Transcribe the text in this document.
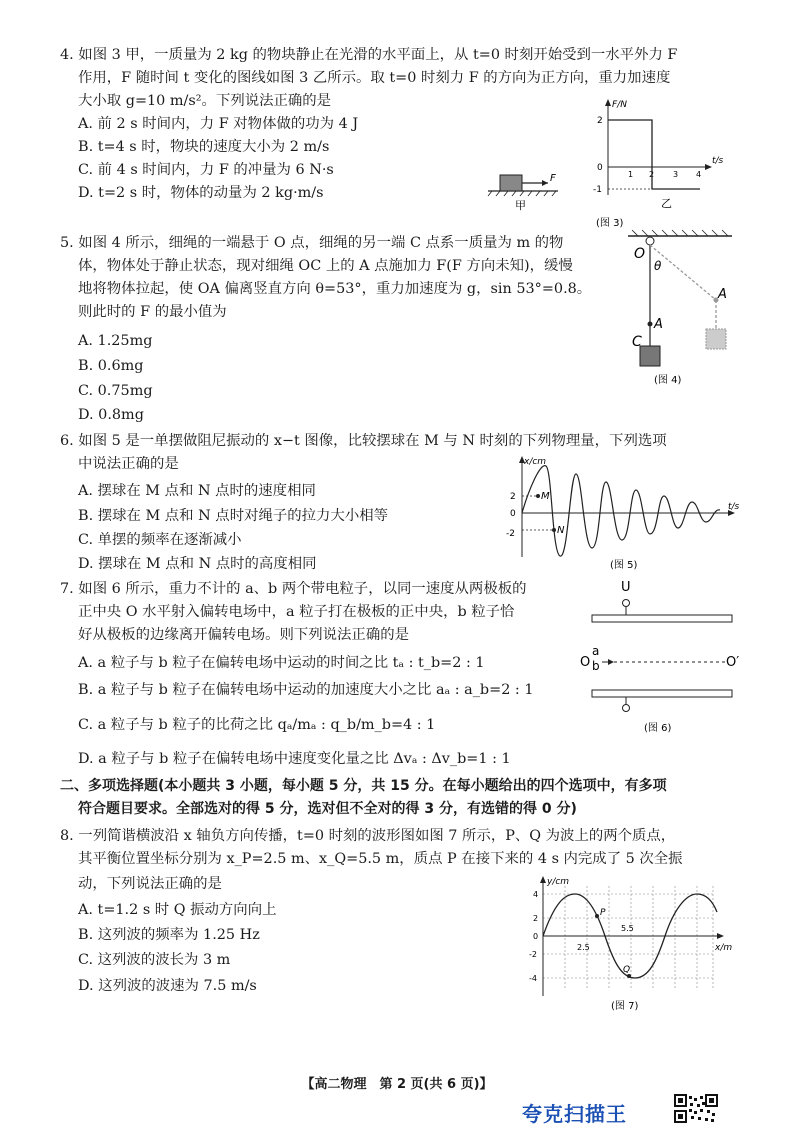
4. 如图 3 甲，一质量为 2 kg 的物块静止在光滑的水平面上，从 t=0 时刻开始受到一水平外力 F
作用，F 随时间 t 变化的图线如图 3 乙所示。取 t=0 时刻力 F 的方向为正方向，重力加速度
大小取 g=10 m/s²。下列说法正确的是
A. 前 2 s 时间内，力 F 对物体做的功为 4 J
B. t=4 s 时，物块的速度大小为 2 m/s
C. 前 4 s 时间内，力 F 的冲量为 6 N·s
D. t=2 s 时，物体的动量为 2 kg·m/s
F
甲
F/N
t/s
2
0
-1
1 2 3 4
乙
(图 3)
5. 如图 4 所示，细绳的一端悬于 O 点，细绳的另一端 C 点系一质量为 m 的物
体，物体处于静止状态，现对细绳 OC 上的 A 点施加力 F(F 方向未知)，缓慢
地将物体拉起，使 OA 偏离竖直方向 θ=53°，重力加速度为 g，sin 53°=0.8。
则此时的 F 的最小值为
A. 1.25mg
B. 0.6mg
C. 0.75mg
D. 0.8mg
O
θ
A
C
A
(图 4)
6. 如图 5 是一单摆做阻尼振动的 x−t 图像，比较摆球在 M 与 N 时刻的下列物理量，下列选项
中说法正确的是
A. 摆球在 M 点和 N 点时的速度相同
B. 摆球在 M 点和 N 点时对绳子的拉力大小相等
C. 单摆的频率在逐渐减小
D. 摆球在 M 点和 N 点时的高度相同
x/cm
t/s
2
0
-2
M
N
(图 5)
7. 如图 6 所示，重力不计的 a、b 两个带电粒子，以同一速度从两极板的
正中央 O 水平射入偏转电场中，a 粒子打在极板的正中央，b 粒子恰
好从极板的边缘离开偏转电场。则下列说法正确的是
A. a 粒子与 b 粒子在偏转电场中运动的时间之比 tₐ : t_b=2 : 1
B. a 粒子与 b 粒子在偏转电场中运动的加速度大小之比 aₐ : a_b=2 : 1
C. a 粒子与 b 粒子的比荷之比 qₐ/mₐ : q_b/m_b=4 : 1
D. a 粒子与 b 粒子在偏转电场中速度变化量之比 Δvₐ : Δv_b=1 : 1
U
O
a
b	O′
(图 6)
二、多项选择题(本小题共 3 小题，每小题 5 分，共 15 分。在每小题给出的四个选项中，有多项
符合题目要求。全部选对的得 5 分，选对但不全对的得 3 分，有选错的得 0 分)
8. 一列简谐横波沿 x 轴负方向传播，t=0 时刻的波形图如图 7 所示，P、Q 为波上的两个质点，
其平衡位置坐标分别为 x_P=2.5 m、x_Q=5.5 m，质点 P 在接下来的 4 s 内完成了 5 次全振
动，下列说法正确的是
A. t=1.2 s 时 Q 振动方向向上
B. 这列波的频率为 1.25 Hz
C. 这列波的波长为 3 m
D. 这列波的波速为 7.5 m/s
y/cm
x/m
4
2
0
-2
-4
P
Q
2.5
5.5
(图 7)
【高二物理　第 2 页(共 6 页)】
夸克扫描王
